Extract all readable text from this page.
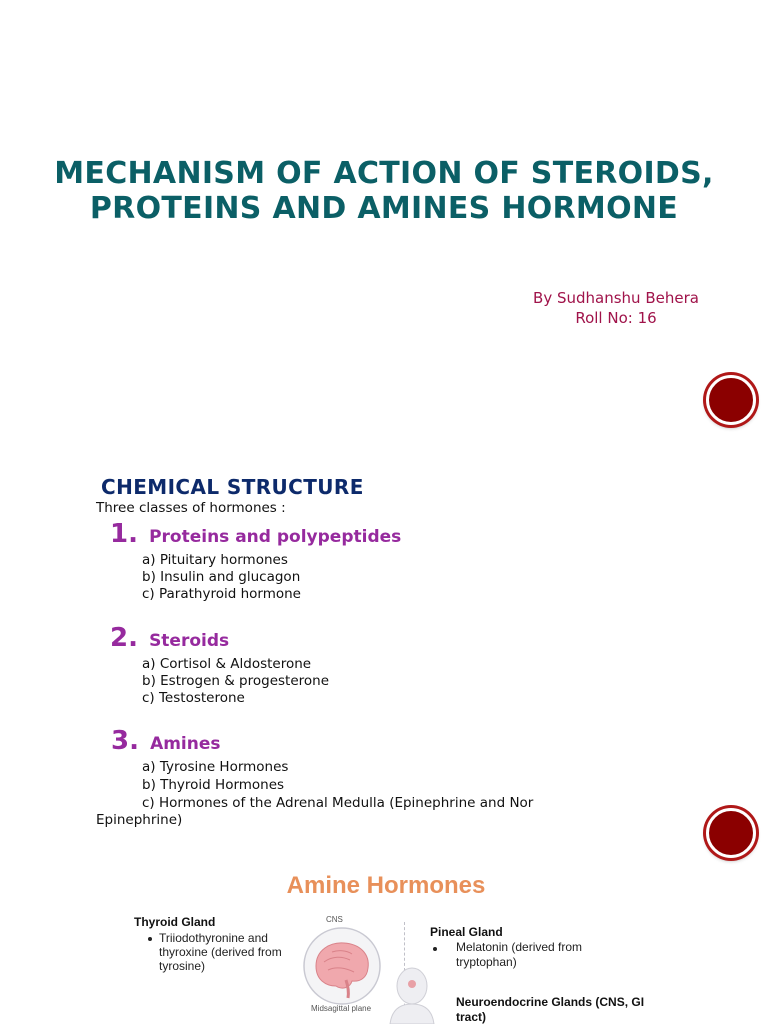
MECHANISM OF ACTION OF STEROIDS,
PROTEINS AND AMINES HORMONE
By Sudhanshu Behera
Roll No: 16
CHEMICAL STRUCTURE
Three classes of hormones :
1. Proteins and polypeptides
a) Pituitary hormones
b) Insulin and glucagon
c) Parathyroid hormone
2. Steroids
a) Cortisol & Aldosterone
b) Estrogen & progesterone
c) Testosterone
3. Amines
a) Tyrosine Hormones
b) Thyroid Hormones
c) Hormones of the Adrenal Medulla (Epinephrine and Nor
Epinephrine)
Amine Hormones
Thyroid Gland
Triiodothyronine and
thyroxine (derived from
tyrosine)
CNS
Midsagittal plane
Pineal Gland
Melatonin (derived from
tryptophan)
Neuroendocrine Glands (CNS, GI
tract)
